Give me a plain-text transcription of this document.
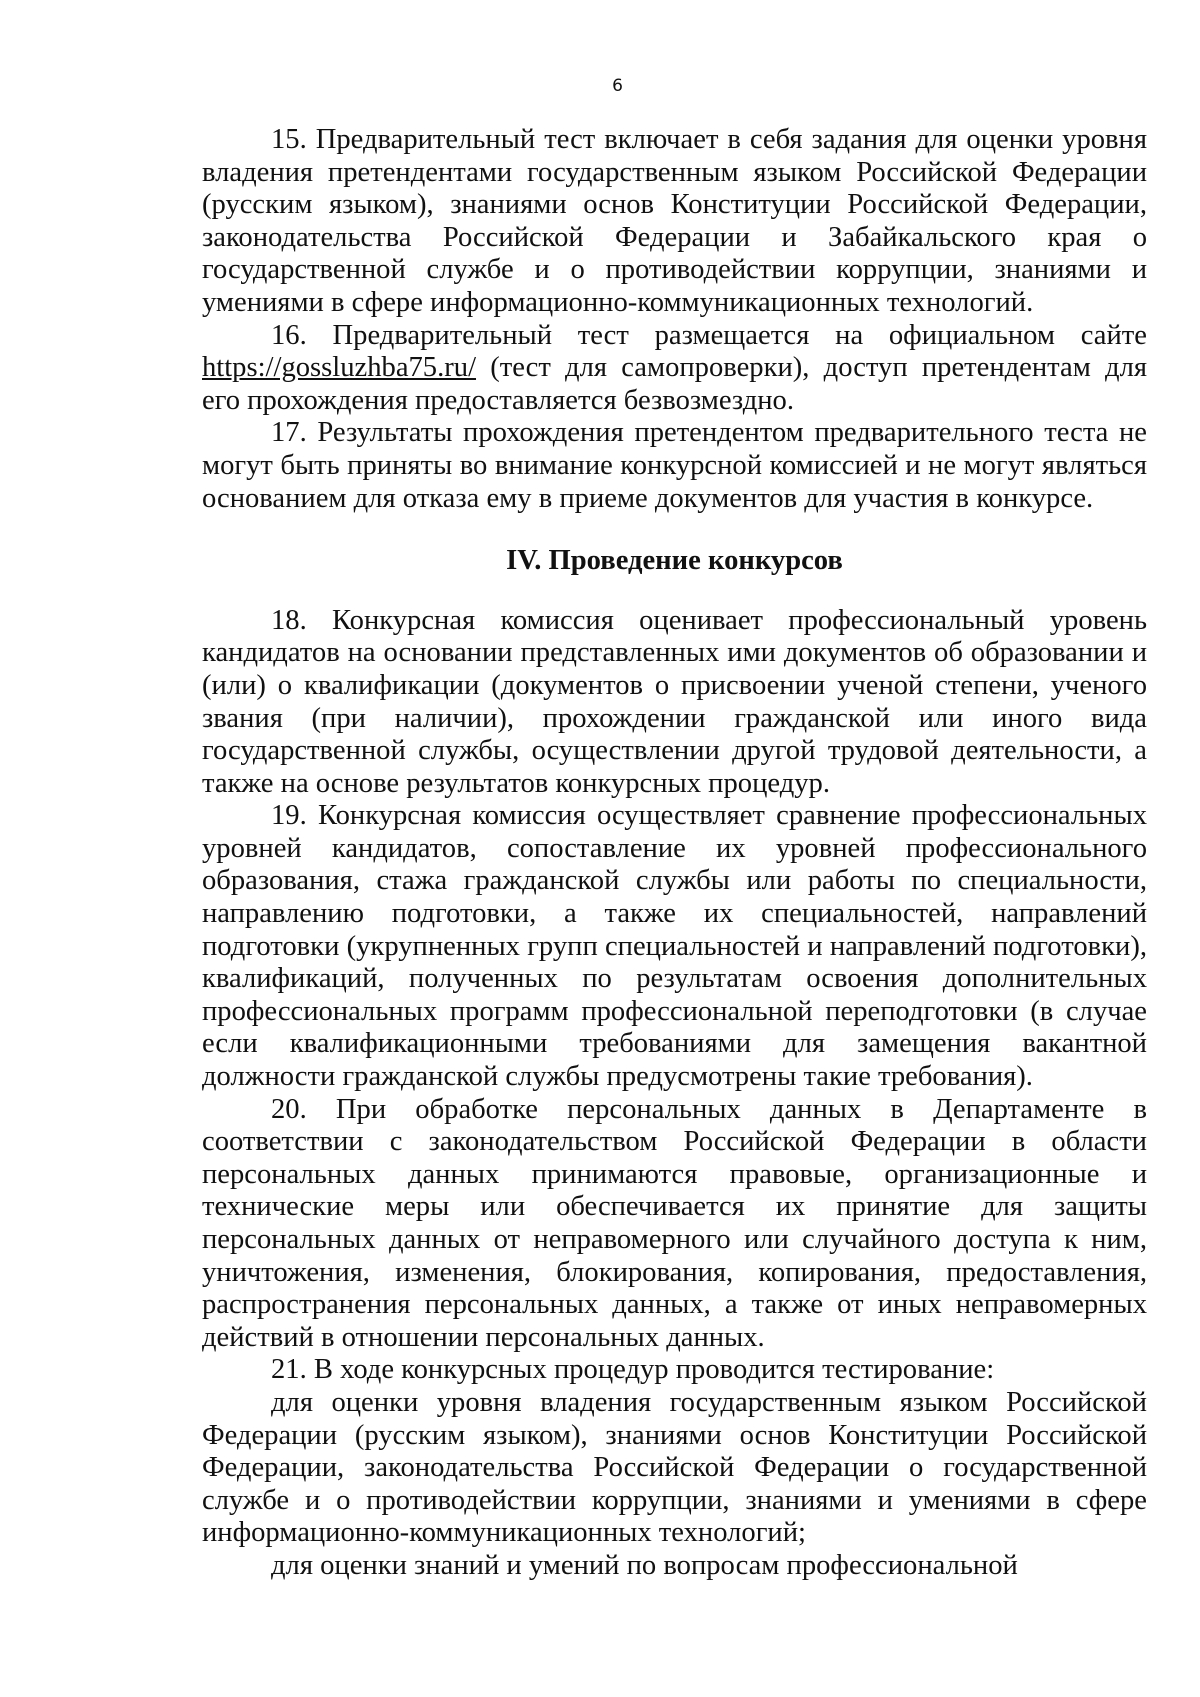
6

15. Предварительный тест включает в себя задания для оценки уровня владения претендентами государственным языком Российской Федерации (русским языком), знаниями основ Конституции Российской Федерации, законодательства Российской Федерации и Забайкальского края о государственной службе и о противодействии коррупции, знаниями и умениями в сфере информационно-коммуникационных технологий.

16. Предварительный тест размещается на официальном сайте https://gossluzhba75.ru/ (тест для самопроверки), доступ претендентам для его прохождения предоставляется безвозмездно.

17. Результаты прохождения претендентом предварительного теста не могут быть приняты во внимание конкурсной комиссией и не могут являться основанием для отказа ему в приеме документов для участия в конкурсе.

IV. Проведение конкурсов

18. Конкурсная комиссия оценивает профессиональный уровень кандидатов на основании представленных ими документов об образовании и (или) о квалификации (документов о присвоении ученой степени, ученого звания (при наличии), прохождении гражданской или иного вида государственной службы, осуществлении другой трудовой деятельности, а также на основе результатов конкурсных процедур.

19. Конкурсная комиссия осуществляет сравнение профессиональных уровней кандидатов, сопоставление их уровней профессионального образования, стажа гражданской службы или работы по специальности, направлению подготовки, а также их специальностей, направлений подготовки (укрупненных групп специальностей и направлений подготовки), квалификаций, полученных по результатам освоения дополнительных профессиональных программ профессиональной переподготовки (в случае если квалификационными требованиями для замещения вакантной должности гражданской службы предусмотрены такие требования).

20. При обработке персональных данных в Департаменте в соответствии с законодательством Российской Федерации в области персональных данных принимаются правовые, организационные и технические меры или обеспечивается их принятие для защиты персональных данных от неправомерного или случайного доступа к ним, уничтожения, изменения, блокирования, копирования, предоставления, распространения персональных данных, а также от иных неправомерных действий в отношении персональных данных.

21. В ходе конкурсных процедур проводится тестирование:

для оценки уровня владения государственным языком Российской Федерации (русским языком), знаниями основ Конституции Российской Федерации, законодательства Российской Федерации о государственной службе и о противодействии коррупции, знаниями и умениями в сфере информационно-коммуникационных технологий;

для оценки знаний и умений по вопросам профессиональной
